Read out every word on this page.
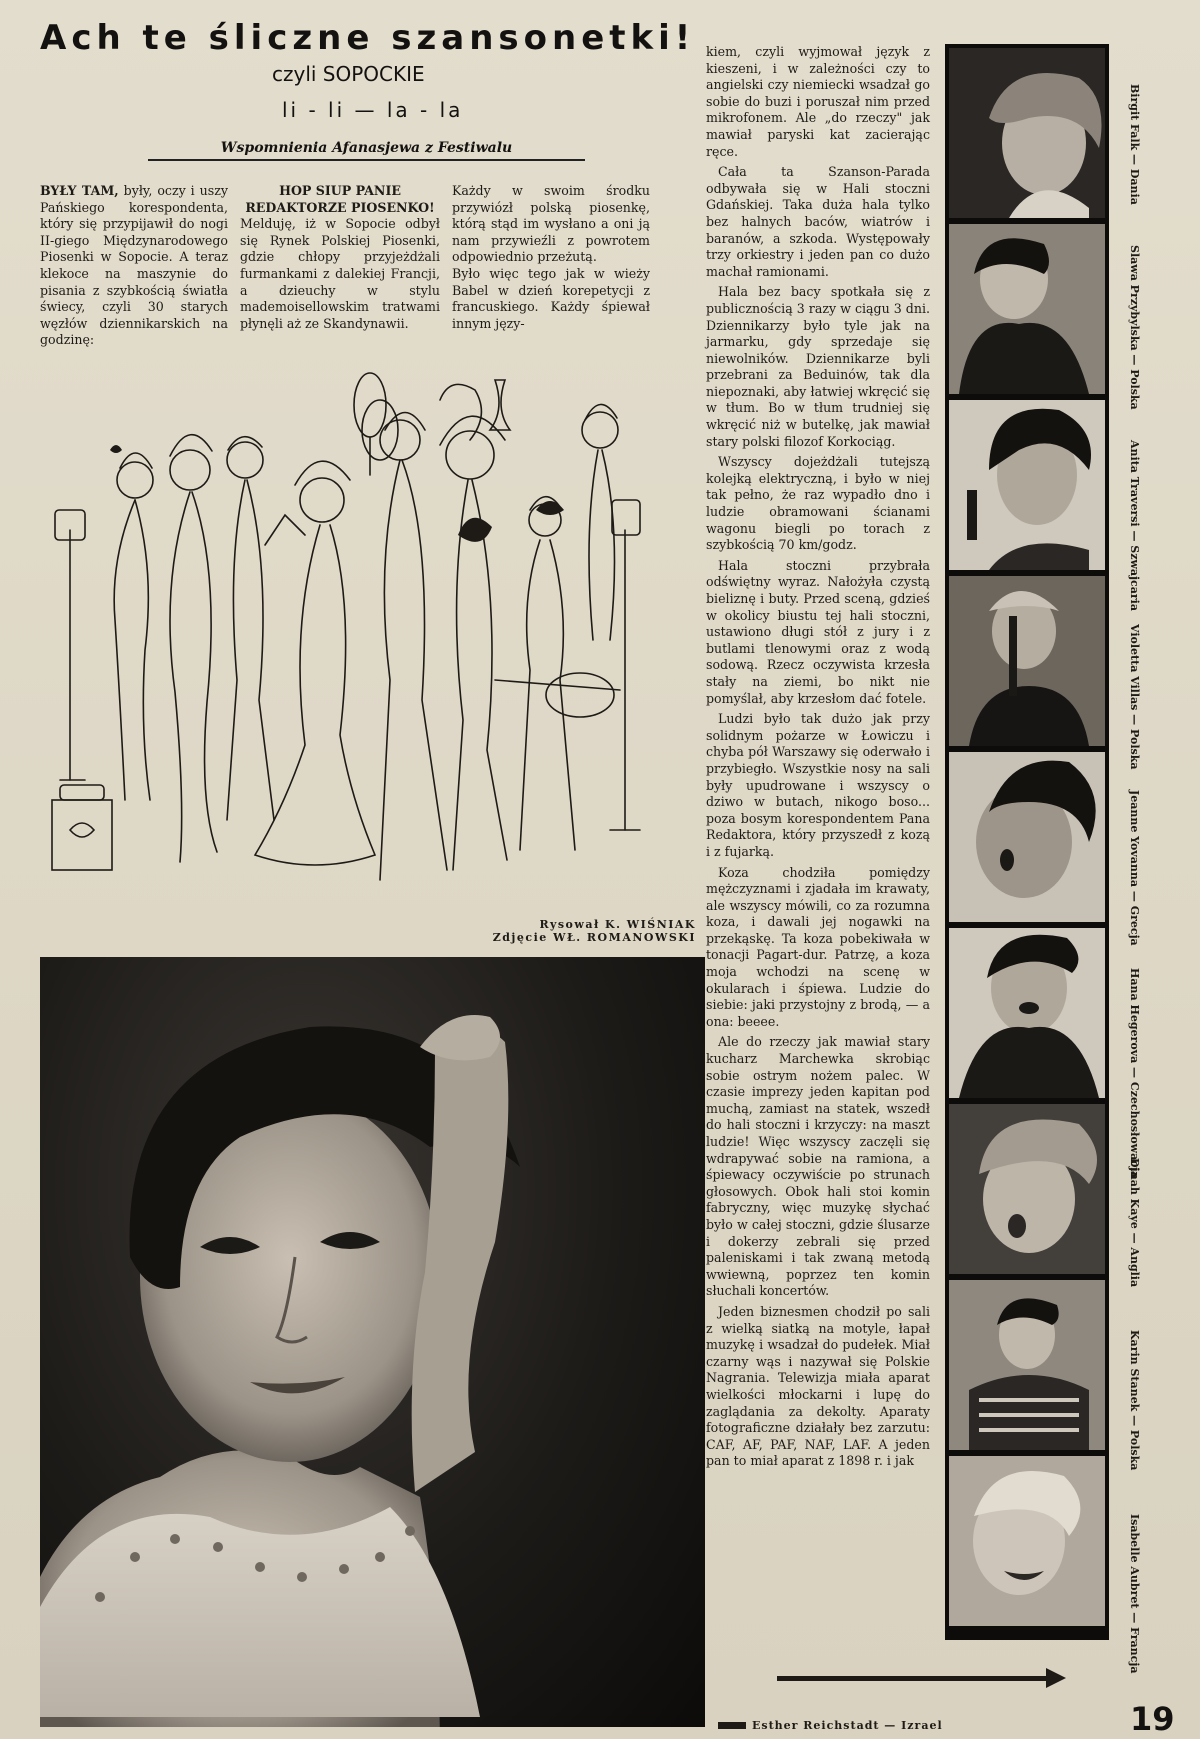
Ach te śliczne szansonetki!
czyli SOPOCKIE
li - li — la - la
Wspomnienia Afanasjewa z Festiwalu

BYŁY TAM, były, oczy i uszy Pańskiego korespondenta, który się przypijawił do nogi II-giego Międzynarodowego Piosenki w Sopocie. A teraz klekoce na maszynie do pisania z szybkością światła świecy, czyli 30 starych węzłów dziennikarskich na godzinę:

HOP SIUP PANIE REDAKTORZE PIOSENKO!

Melduję, iż w Sopocie odbył się Rynek Polskiej Piosenki, gdzie chłopy przyjeżdżali furmankami z dalekiej Francji, a dzieuchy w stylu mademoisellowskim tratwami płynęli aż ze Skandynawii.

Każdy w swoim środku przywiózł polską piosenkę, którą stąd im wysłano a oni ją nam przywieźli z powrotem odpowiednio przeżutą.

Było więc tego jak w wieży Babel w dzień korepetycji z francuskiego. Każdy śpiewał innym języ-

kiem, czyli wyjmował język z kieszeni, i w zależności czy to angielski czy niemiecki wsadzał go sobie do buzi i poruszał nim przed mikrofonem. Ale „do rzeczy" jak mawiał paryski kat zacierając ręce.

Cała ta Szanson-Parada odbywała się w Hali stoczni Gdańskiej. Taka duża hala tylko bez halnych baców, wiatrów i baranów, a szkoda. Występowały trzy orkiestry i jeden pan co dużo machał ramionami.

Hala bez bacy spotkała się z publicznością 3 razy w ciągu 3 dni. Dziennikarzy było tyle jak na jarmarku, gdy sprzedaje się niewolników. Dziennikarze byli przebrani za Beduinów, tak dla niepoznaki, aby łatwiej wkręcić się w tłum. Bo w tłum trudniej się wkręcić niż w butelkę, jak mawiał stary polski filozof Korkociąg.

Wszyscy dojeżdżali tutejszą kolejką elektryczną, i było w niej tak pełno, że raz wypadło dno i ludzie obramowani ścianami wagonu biegli po torach z szybkością 70 km/godz.

Hala stoczni przybrała odświętny wyraz. Nałożyła czystą bieliznę i buty. Przed sceną, gdzieś w okolicy biustu tej hali stoczni, ustawiono długi stół z jury i z butlami tlenowymi oraz z wodą sodową. Rzecz oczywista krzesła stały na ziemi, bo nikt nie pomyślał, aby krzesłom dać fotele.

Ludzi było tak dużo jak przy solidnym pożarze w Łowiczu i chyba pół Warszawy się oderwało i przybiegło. Wszystkie nosy na sali były upudrowane i wszyscy o dziwo w butach, nikogo boso... poza bosym korespondentem Pana Redaktora, który przyszedł z kozą i z fujarką.

Koza chodziła pomiędzy mężczyznami i zjadała im krawaty, ale wszyscy mówili, co za rozumna koza, i dawali jej nogawki na przekąskę. Ta koza pobekiwała w tonacji Pagart-dur. Patrzę, a koza moja wchodzi na scenę w okularach i śpiewa. Ludzie do siebie: jaki przystojny z brodą, — a ona: beeee.

Ale do rzeczy jak mawiał stary kucharz Marchewka skrobiąc sobie ostrym nożem palec. W czasie imprezy jeden kapitan pod muchą, zamiast na statek, wszedł do hali stoczni i krzyczy: na maszt ludzie! Więc wszyscy zaczęli się wdrapywać sobie na ramiona, a śpiewacy oczywiście po strunach głosowych. Obok hali stoi komin fabryczny, więc muzykę słychać było w całej stoczni, gdzie ślusarze i dokerzy zebrali się przed paleniskami i tak zwaną metodą wwiewną, poprzez ten komin słuchali koncertów.

Jeden biznesmen chodził po sali z wielką siatką na motyle, łapał muzykę i wsadzał do pudełek. Miał czarny wąs i nazywał się Polskie Nagrania. Telewizja miała aparat wielkości młockarni i lupę do zaglądania za dekolty. Aparaty fotograficzne działały bez zarzutu: CAF, AF, PAF, NAF, LAF. A jeden pan to miał aparat z 1898 r. i jak

Rysował K. WIŚNIAK
Zdjęcie WŁ. ROMANOWSKI
Birgit Falk — Dania
Slawa Przybylska — Polska
Anita Traversi — Szwajcaria
Violetta Villas — Polska
Jeanne Yovanna — Grecja
Hana Hegerova — Czechosłowacja
Dinah Kaye — Anglia
Karin Stanek — Polska
Isabelle Aubret — Francja
Esther Reichstadt — Izrael	19
